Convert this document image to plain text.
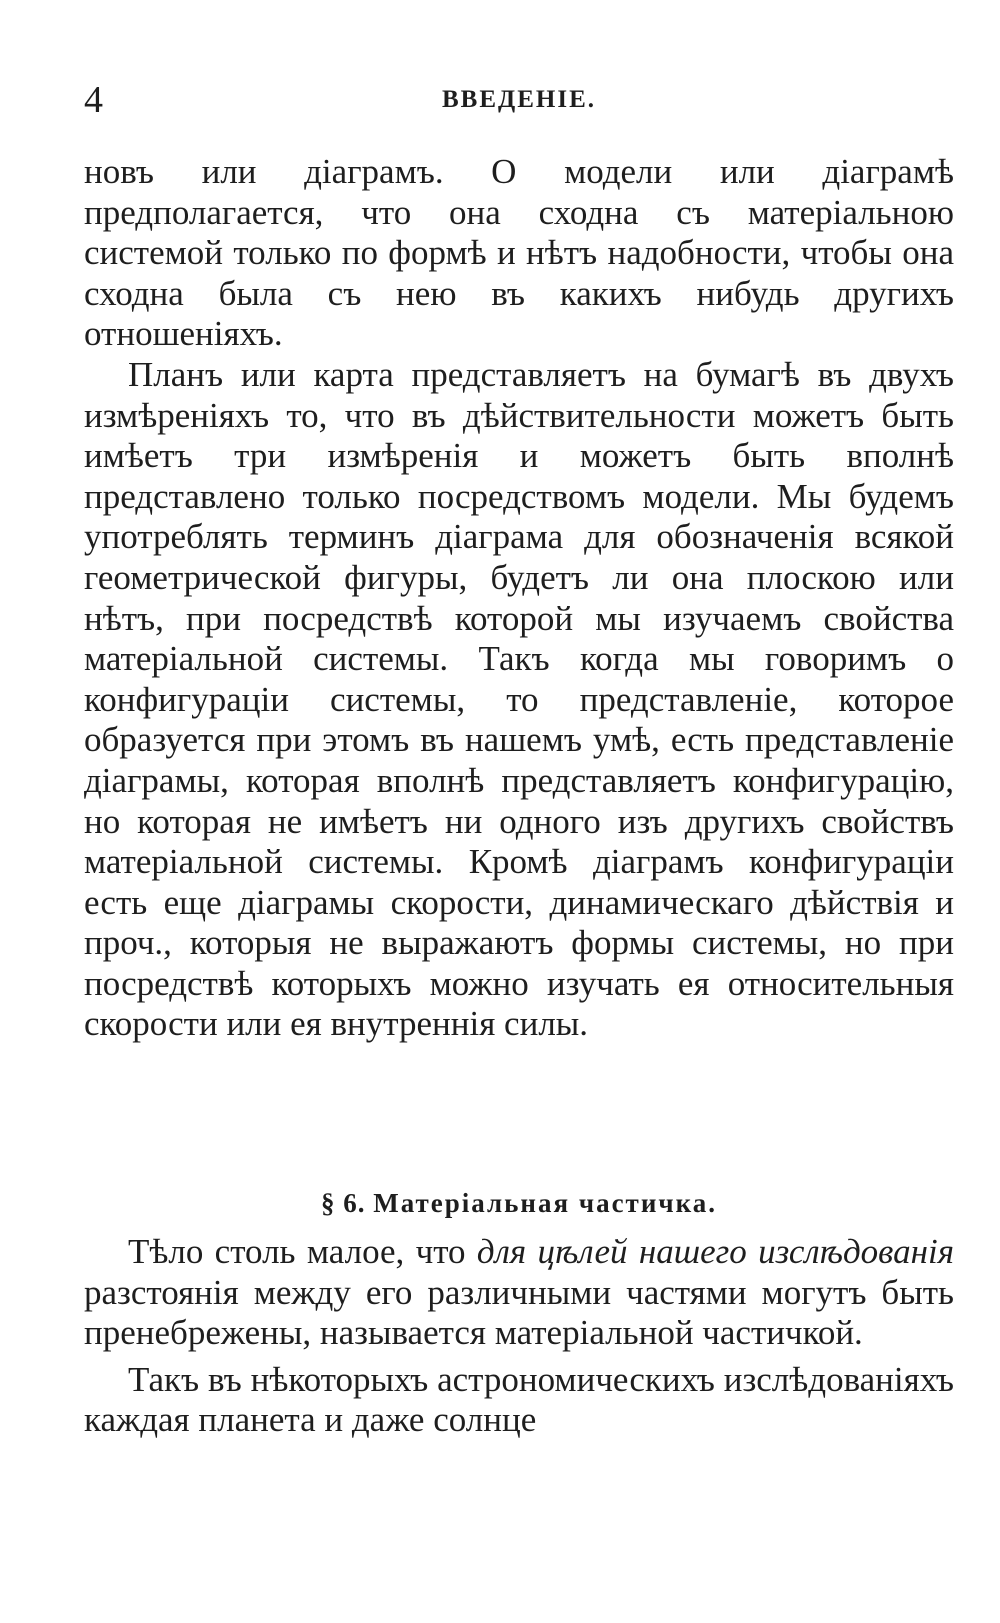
4	ВВЕДЕНІЕ.

новъ или діаграмъ. О модели или діаграмѣ предполагается, что она сходна съ матеріальною системой только по формѣ и нѣтъ надобности, чтобы она сходна была съ нею въ какихъ нибудь другихъ отношеніяхъ.

Планъ или карта представляетъ на бумагѣ въ двухъ измѣреніяхъ то, что въ дѣйствительности можетъ быть имѣетъ три измѣренія и можетъ быть вполнѣ представлено только посредствомъ модели. Мы будемъ употреблять терминъ діаграма для обозначенія всякой геометрической фигуры, будетъ ли она плоскою или нѣтъ, при посредствѣ которой мы изучаемъ свойства матеріальной системы. Такъ когда мы говоримъ о конфигураціи системы, то представленіе, которое образуется при этомъ въ нашемъ умѣ, есть представленіе діаграмы, которая вполнѣ представляетъ конфигурацію, но которая не имѣетъ ни одного изъ другихъ свойствъ матеріальной системы. Кромѣ діаграмъ конфигураціи есть еще діаграмы скорости, динамическаго дѣйствія и проч., которыя не выражаютъ формы системы, но при посредствѣ которыхъ можно изучать ея относительныя скорости или ея внутреннія силы.

§ 6. Матеріальная частичка.

Тѣло столь малое, что для цѣлей нашего изслѣдованія разстоянія между его различными частями могутъ быть пренебрежены, называется матеріальной частичкой.

Такъ въ нѣкоторыхъ астрономическихъ изслѣдованіяхъ каждая планета и даже солнце
